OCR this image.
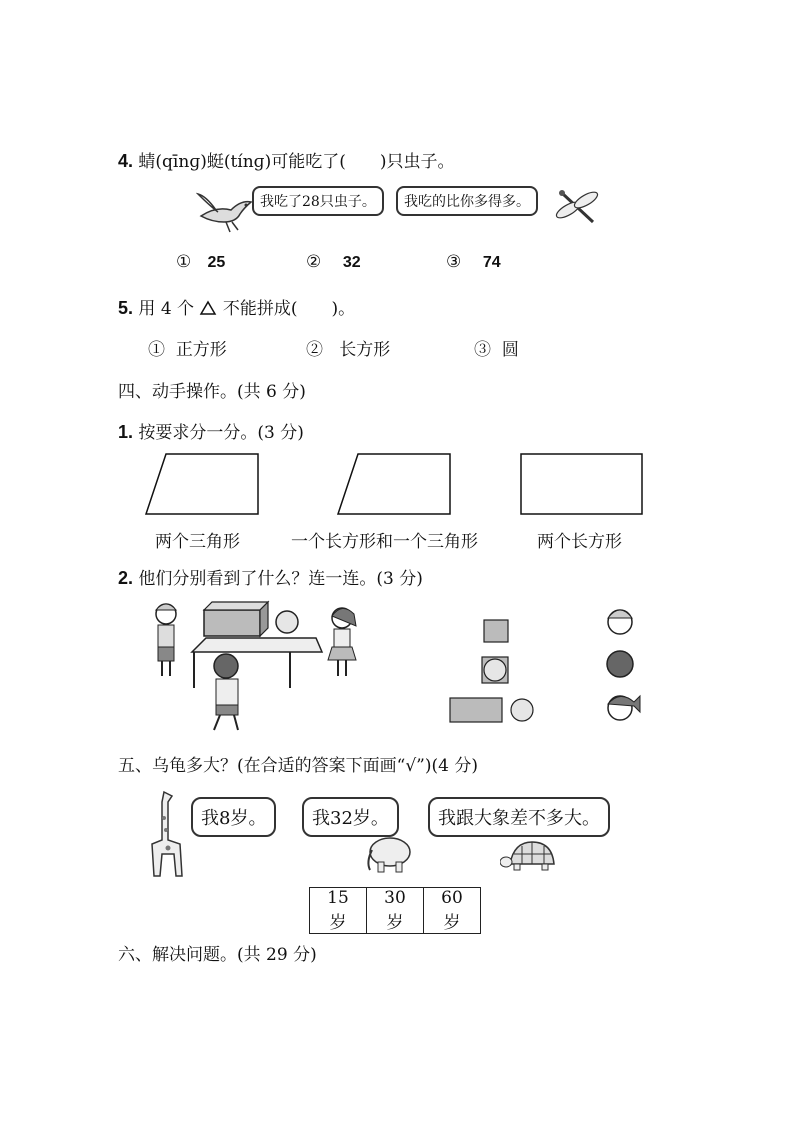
4. 蜻(qīnɡ)蜓(tínɡ)可能吃了(　　)只虫子。
我吃了28只虫子。	我吃的比你多得多。
① 25	② 32	③ 74
5. 用 4 个 不能拼成(　　)。
① 正方形	② 长方形	③ 圆
四、动手操作。(共 6 分)
1. 按要求分一分。(3 分)
两个三角形	一个长方形和一个三角形	两个长方形
2. 他们分别看到了什么？连一连。(3 分)
五、乌龟多大？(在合适的答案下面画“√”)(4 分)
我8岁。	我32岁。	我跟大象差不多大。
15 岁	30 岁	60 岁
六、解决问题。(共 29 分)
